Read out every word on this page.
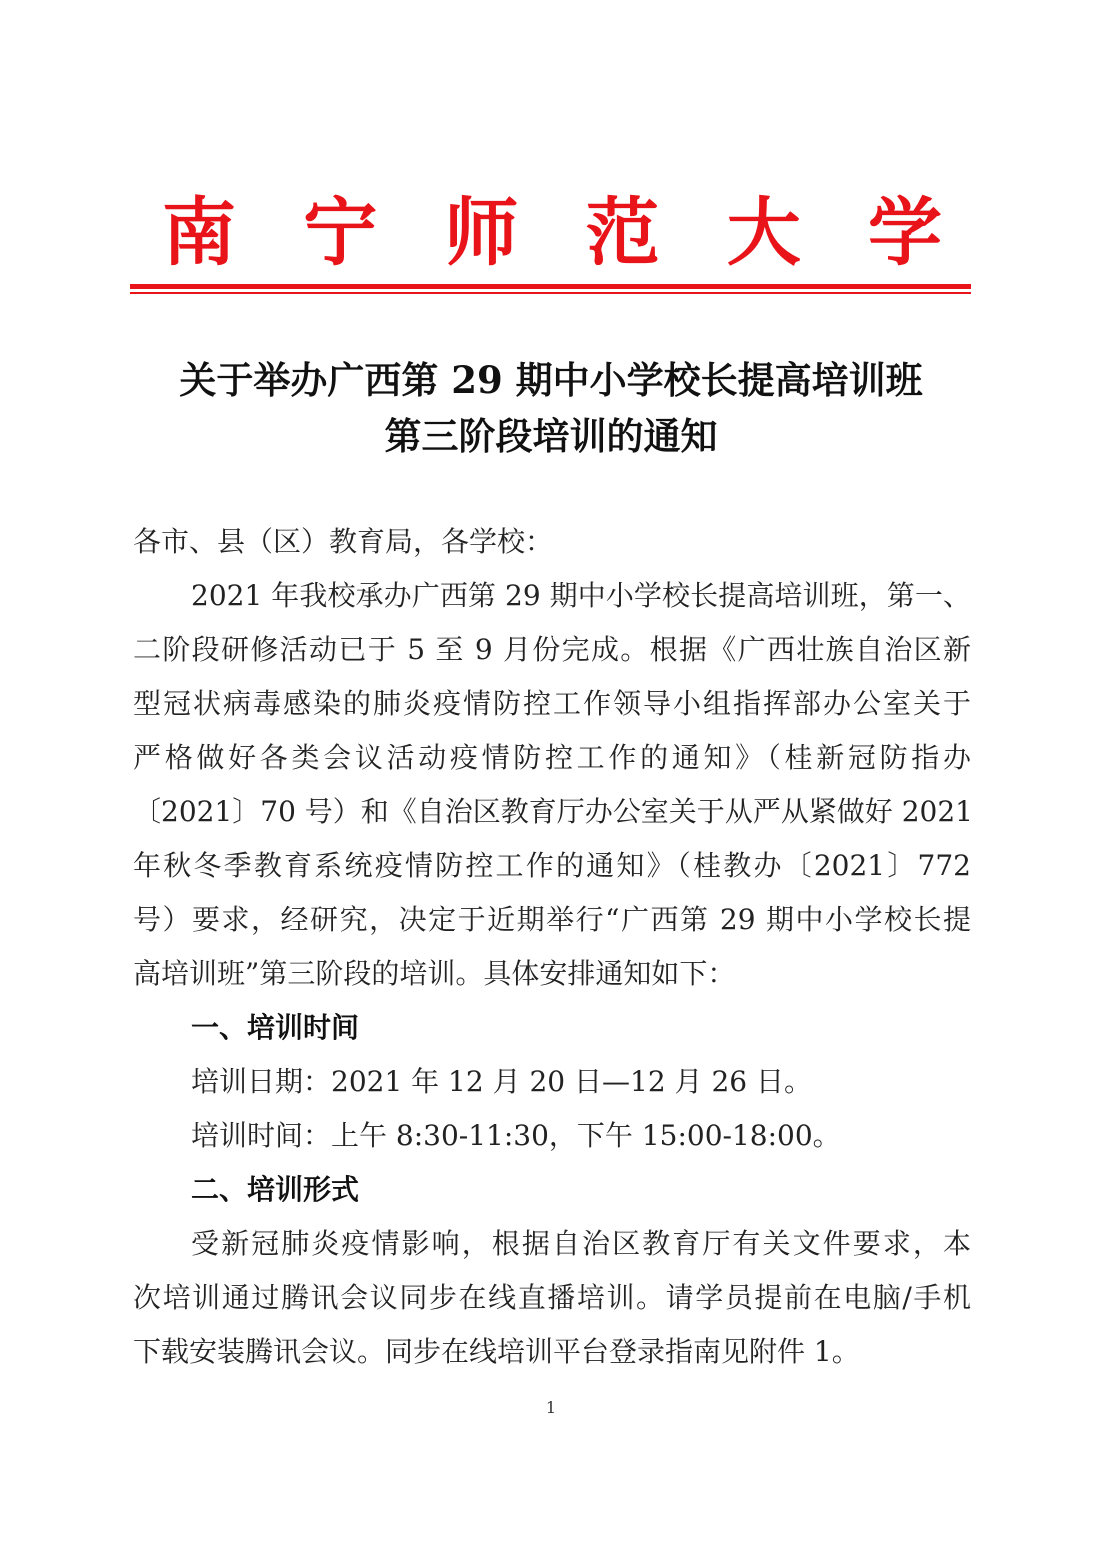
南 宁 师 范 大 学
关于举办广西第 29 期中小学校长提高培训班
第三阶段培训的通知
各市、县（区）教育局，各学校：
2021 年我校承办广西第 29 期中小学校长提高培训班，第一、
二阶段研修活动已于 5 至 9 月份完成。根据《广西壮族自治区新
型冠状病毒感染的肺炎疫情防控工作领导小组指挥部办公室关于
严格做好各类会议活动疫情防控工作的通知》（桂新冠防指办
〔2021〕70 号）和《自治区教育厅办公室关于从严从紧做好 2021
年秋冬季教育系统疫情防控工作的通知》（桂教办〔2021〕772
号）要求，经研究，决定于近期举行“广西第 29 期中小学校长提
高培训班”第三阶段的培训。具体安排通知如下：
一、培训时间
培训日期：2021 年 12 月 20 日—12 月 26 日。
培训时间：上午 8:30-11:30，下午 15:00-18:00。
二、培训形式
受新冠肺炎疫情影响，根据自治区教育厅有关文件要求，本
次培训通过腾讯会议同步在线直播培训。请学员提前在电脑/手机
下载安装腾讯会议。同步在线培训平台登录指南见附件 1。
1
